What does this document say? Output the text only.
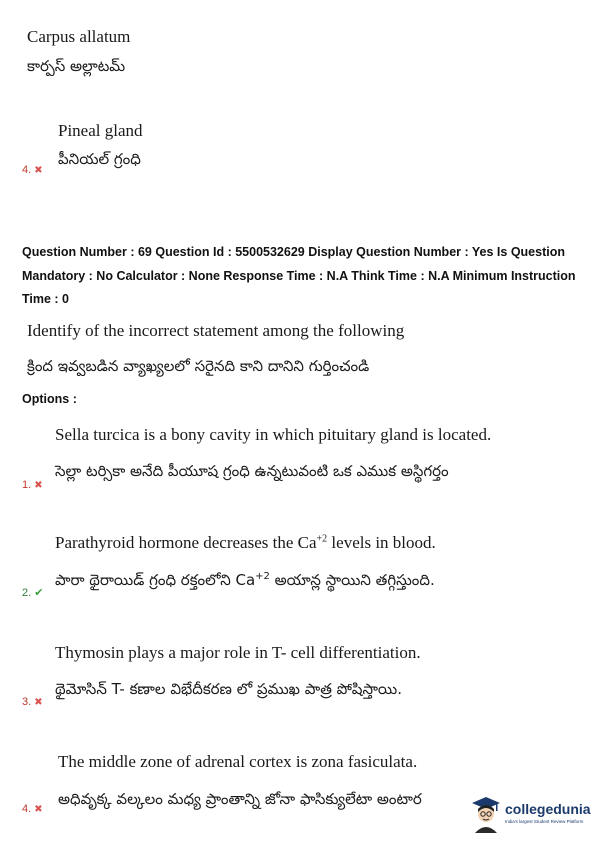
Carpus allatum
కార్పస్ అల్లాటమ్
Pineal gland
పీనియల్ గ్రంధి
4. ✖
Question Number : 69 Question Id : 5500532629 Display Question Number : Yes Is Question
Mandatory : No Calculator : None Response Time : N.A Think Time : N.A Minimum Instruction
Time : 0
Identify of the incorrect statement among the following
క్రింద ఇవ్వబడిన వ్యాఖ్యలలో సరైనది కాని దానిని గుర్తించండి
Options :
Sella turcica is a bony cavity in which pituitary gland is located.
సెల్లా టర్సికా అనేది పీయూష గ్రంధి ఉన్నటువంటి ఒక ఎముక అస్థిగర్తం
1. ✖
Parathyroid hormone decreases the $Ca^{+2}$ levels in blood.
పారా థైరాయిడ్ గ్రంధి రక్తంలోని $Ca^{+2}$ అయాన్ల స్థాయిని తగ్గిస్తుంది.
2. ✔
Thymosin plays a major role in T- cell differentiation.
థైమోసిన్ T- కణాల విభేదీకరణ లో ప్రముఖ పాత్ర పోషిస్తాయి.
3. ✖
The middle zone of adrenal cortex is zona fasiculata.
అధివృక్క వల్కలం మధ్య ప్రాంతాన్ని జోనా ఫాసిక్యులేటా అంటార
4. ✖	collegedunia
India's largest Student Review Platform
